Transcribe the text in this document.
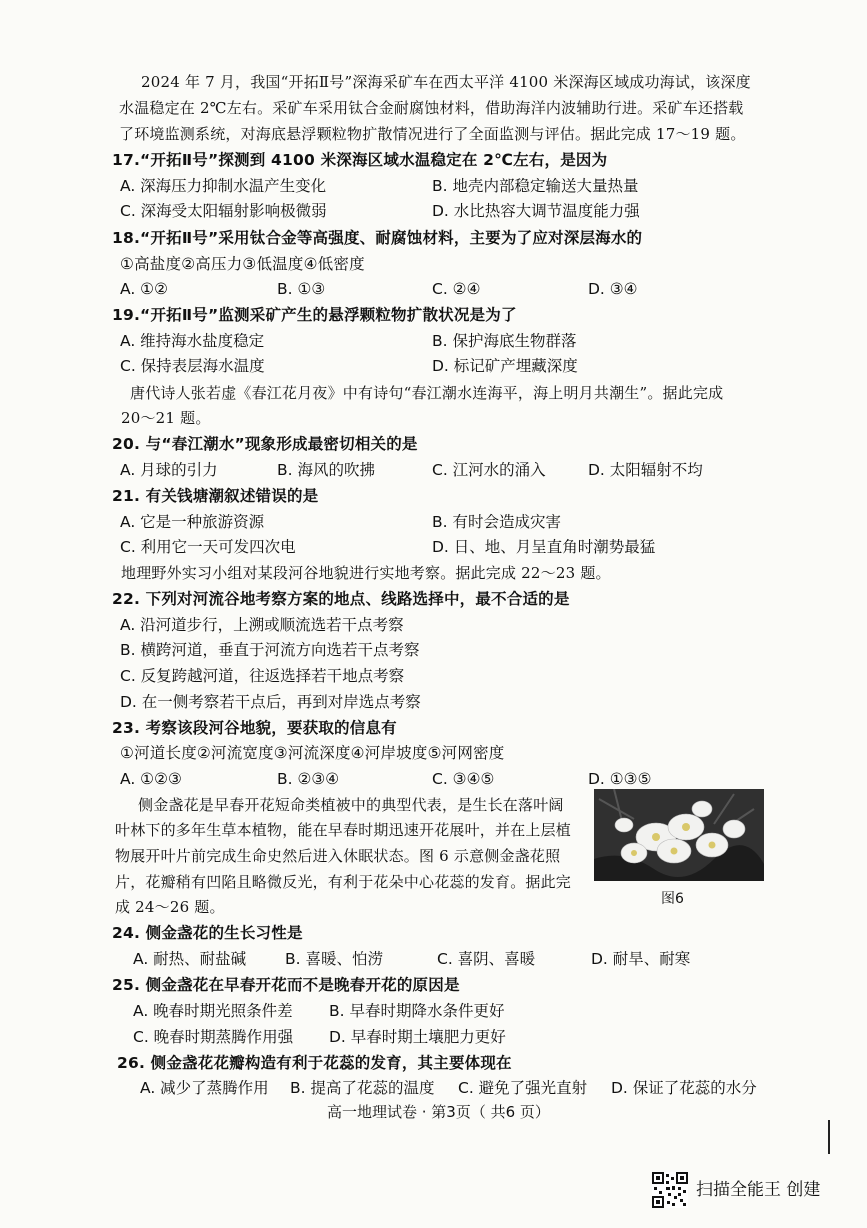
2024 年 7 月，我国“开拓Ⅱ号”深海采矿车在西太平洋 4100 米深海区域成功海试，该深度
水温稳定在 2℃左右。采矿车采用钛合金耐腐蚀材料，借助海洋内波辅助行进。采矿车还搭载
了环境监测系统，对海底悬浮颗粒物扩散情况进行了全面监测与评估。据此完成 17～19 题。
17.“开拓Ⅱ号”探测到 4100 米深海区域水温稳定在 2℃左右，是因为
A. 深海压力抑制水温产生变化	B. 地壳内部稳定输送大量热量
C. 深海受太阳辐射影响极微弱	D. 水比热容大调节温度能力强
18.“开拓Ⅱ号”采用钛合金等高强度、耐腐蚀材料，主要为了应对深层海水的
①高盐度②高压力③低温度④低密度
A. ①②	B. ①③	C. ②④	D. ③④
19.“开拓Ⅱ号”监测采矿产生的悬浮颗粒物扩散状况是为了
A. 维持海水盐度稳定	B. 保护海底生物群落
C. 保持表层海水温度	D. 标记矿产埋藏深度
唐代诗人张若虚《春江花月夜》中有诗句“春江潮水连海平，海上明月共潮生”。据此完成
20～21 题。
20. 与“春江潮水”现象形成最密切相关的是
A. 月球的引力	B. 海风的吹拂	C. 江河水的涌入	D. 太阳辐射不均
21. 有关钱塘潮叙述错误的是
A. 它是一种旅游资源	B. 有时会造成灾害
C. 利用它一天可发四次电	D. 日、地、月呈直角时潮势最猛
地理野外实习小组对某段河谷地貌进行实地考察。据此完成 22～23 题。
22. 下列对河流谷地考察方案的地点、线路选择中，最不合适的是
A. 沿河道步行，上溯或顺流选若干点考察
B. 横跨河道，垂直于河流方向选若干点考察
C. 反复跨越河道，往返选择若干地点考察
D. 在一侧考察若干点后，再到对岸选点考察
23. 考察该段河谷地貌，要获取的信息有
①河道长度②河流宽度③河流深度④河岸坡度⑤河网密度
A. ①②③	B. ②③④	C. ③④⑤	D. ①③⑤
侧金盏花是早春开花短命类植被中的典型代表，是生长在落叶阔
叶林下的多年生草本植物，能在早春时期迅速开花展叶，并在上层植
物展开叶片前完成生命史然后进入休眠状态。图 6 示意侧金盏花照
片，花瓣稍有凹陷且略微反光，有利于花朵中心花蕊的发育。据此完
成 24～26 题。	图6
24. 侧金盏花的生长习性是
A. 耐热、耐盐碱	B. 喜暖、怕涝	C. 喜阴、喜暖	D. 耐旱、耐寒
25. 侧金盏花在早春开花而不是晚春开花的原因是
A. 晚春时期光照条件差 B. 早春时期降水条件更好
C. 晚春时期蒸腾作用强 D. 早春时期土壤肥力更好
26. 侧金盏花花瓣构造有利于花蕊的发育，其主要体现在
A. 减少了蒸腾作用 B. 提高了花蕊的温度 C. 避免了强光直射 D. 保证了花蕊的水分
高一地理试卷 · 第3页（ 共6 页）
扫描全能王 创建
